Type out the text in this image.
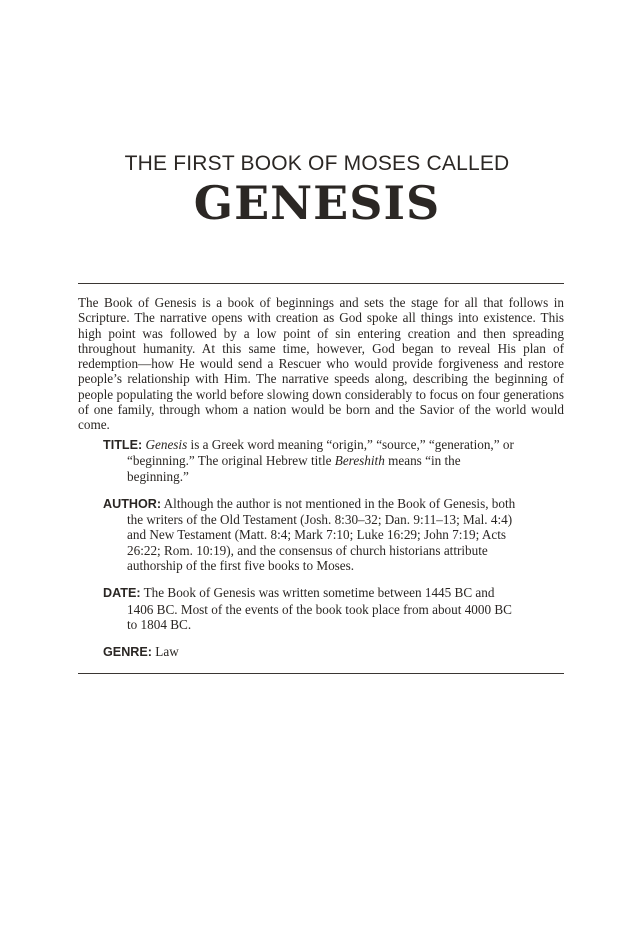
THE FIRST BOOK OF MOSES CALLED
GENESIS

The Book of Genesis is a book of beginnings and sets the stage for all that follows in Scripture. The narrative opens with creation as God spoke all things into existence. This high point was followed by a low point of sin entering creation and then spreading throughout humanity. At this same time, however, God began to reveal His plan of redemption—how He would send a Rescuer who would provide forgiveness and restore people’s relationship with Him. The narrative speeds along, describing the beginning of people populating the world before slowing down considerably to focus on four generations of one family, through whom a nation would be born and the Savior of the world would come.

TITLE: Genesis is a Greek word meaning “origin,” “source,” “generation,” or “beginning.” The original Hebrew title Bereshith means “in the beginning.”

AUTHOR: Although the author is not mentioned in the Book of Genesis, both the writers of the Old Testament (Josh. 8:30–32; Dan. 9:11–13; Mal. 4:4) and New Testament (Matt. 8:4; Mark 7:10; Luke 16:29; John 7:19; Acts 26:22; Rom. 10:19), and the consensus of church historians attribute authorship of the first five books to Moses.

DATE: The Book of Genesis was written sometime between 1445 BC and 1406 BC. Most of the events of the book took place from about 4000 BC to 1804 BC.

GENRE: Law
